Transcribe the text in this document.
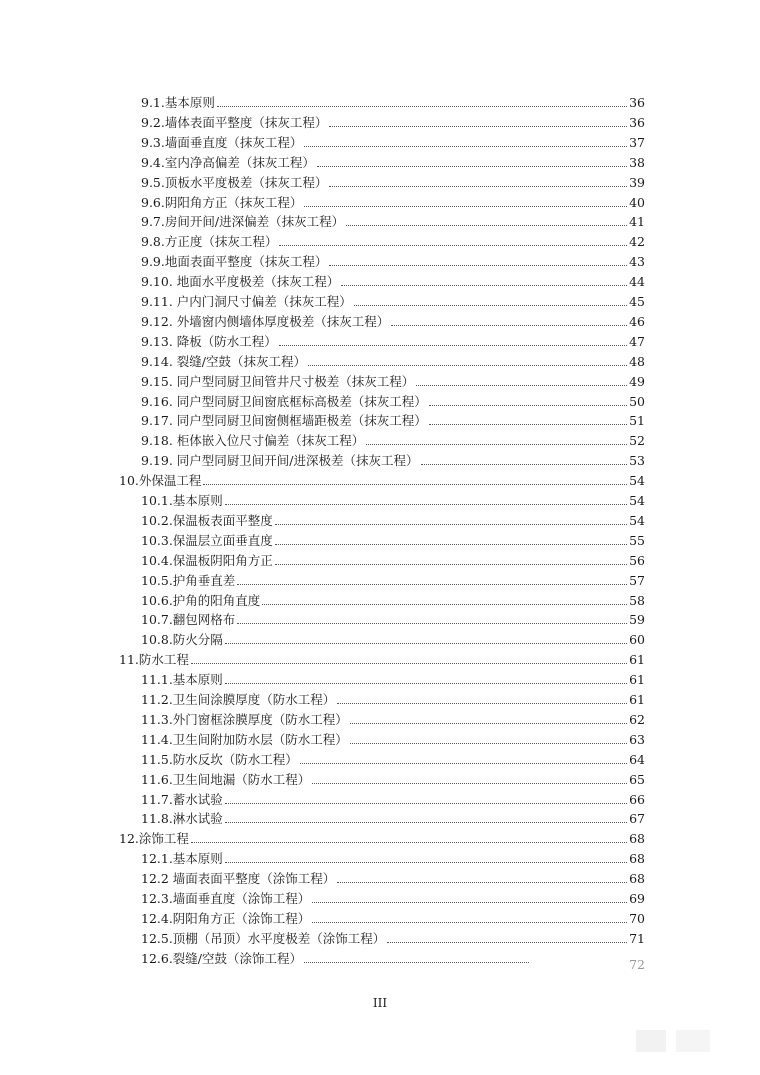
9.1.基本原则	36
9.2.墙体表面平整度（抹灰工程）	36
9.3.墙面垂直度（抹灰工程）	37
9.4.室内净高偏差（抹灰工程）	38
9.5.顶板水平度极差（抹灰工程）	39
9.6.阴阳角方正（抹灰工程）	40
9.7.房间开间/进深偏差（抹灰工程）	41
9.8.方正度（抹灰工程）	42
9.9.地面表面平整度（抹灰工程）	43
9.10. 地面水平度极差（抹灰工程）	44
9.11. 户内门洞尺寸偏差（抹灰工程）	45
9.12. 外墙窗内侧墙体厚度极差（抹灰工程）	46
9.13. 降板（防水工程）	47
9.14. 裂缝/空鼓（抹灰工程）	48
9.15. 同户型同厨卫间管井尺寸极差（抹灰工程）	49
9.16. 同户型同厨卫间窗底框标高极差（抹灰工程）	50
9.17. 同户型同厨卫间窗侧框墙距极差（抹灰工程）	51
9.18. 柜体嵌入位尺寸偏差（抹灰工程）	52
9.19. 同户型同厨卫间开间/进深极差（抹灰工程）	53
10.外保温工程	54
10.1.基本原则	54
10.2.保温板表面平整度	54
10.3.保温层立面垂直度	55
10.4.保温板阴阳角方正	56
10.5.护角垂直差	57
10.6.护角的阳角直度	58
10.7.翻包网格布	59
10.8.防火分隔	60
11.防水工程	61
11.1.基本原则	61
11.2.卫生间涂膜厚度（防水工程）	61
11.3.外门窗框涂膜厚度（防水工程）	62
11.4.卫生间附加防水层（防水工程）	63
11.5.防水反坎（防水工程）	64
11.6.卫生间地漏（防水工程）	65
11.7.蓄水试验	66
11.8.淋水试验	67
12.涂饰工程	68
12.1.基本原则	68
12.2 墙面表面平整度（涂饰工程）	68
12.3.墙面垂直度（涂饰工程）	69
12.4.阴阳角方正（涂饰工程）	70
12.5.顶棚（吊顶）水平度极差（涂饰工程）	71
12.6.裂缝/空鼓（涂饰工程）	72
III
